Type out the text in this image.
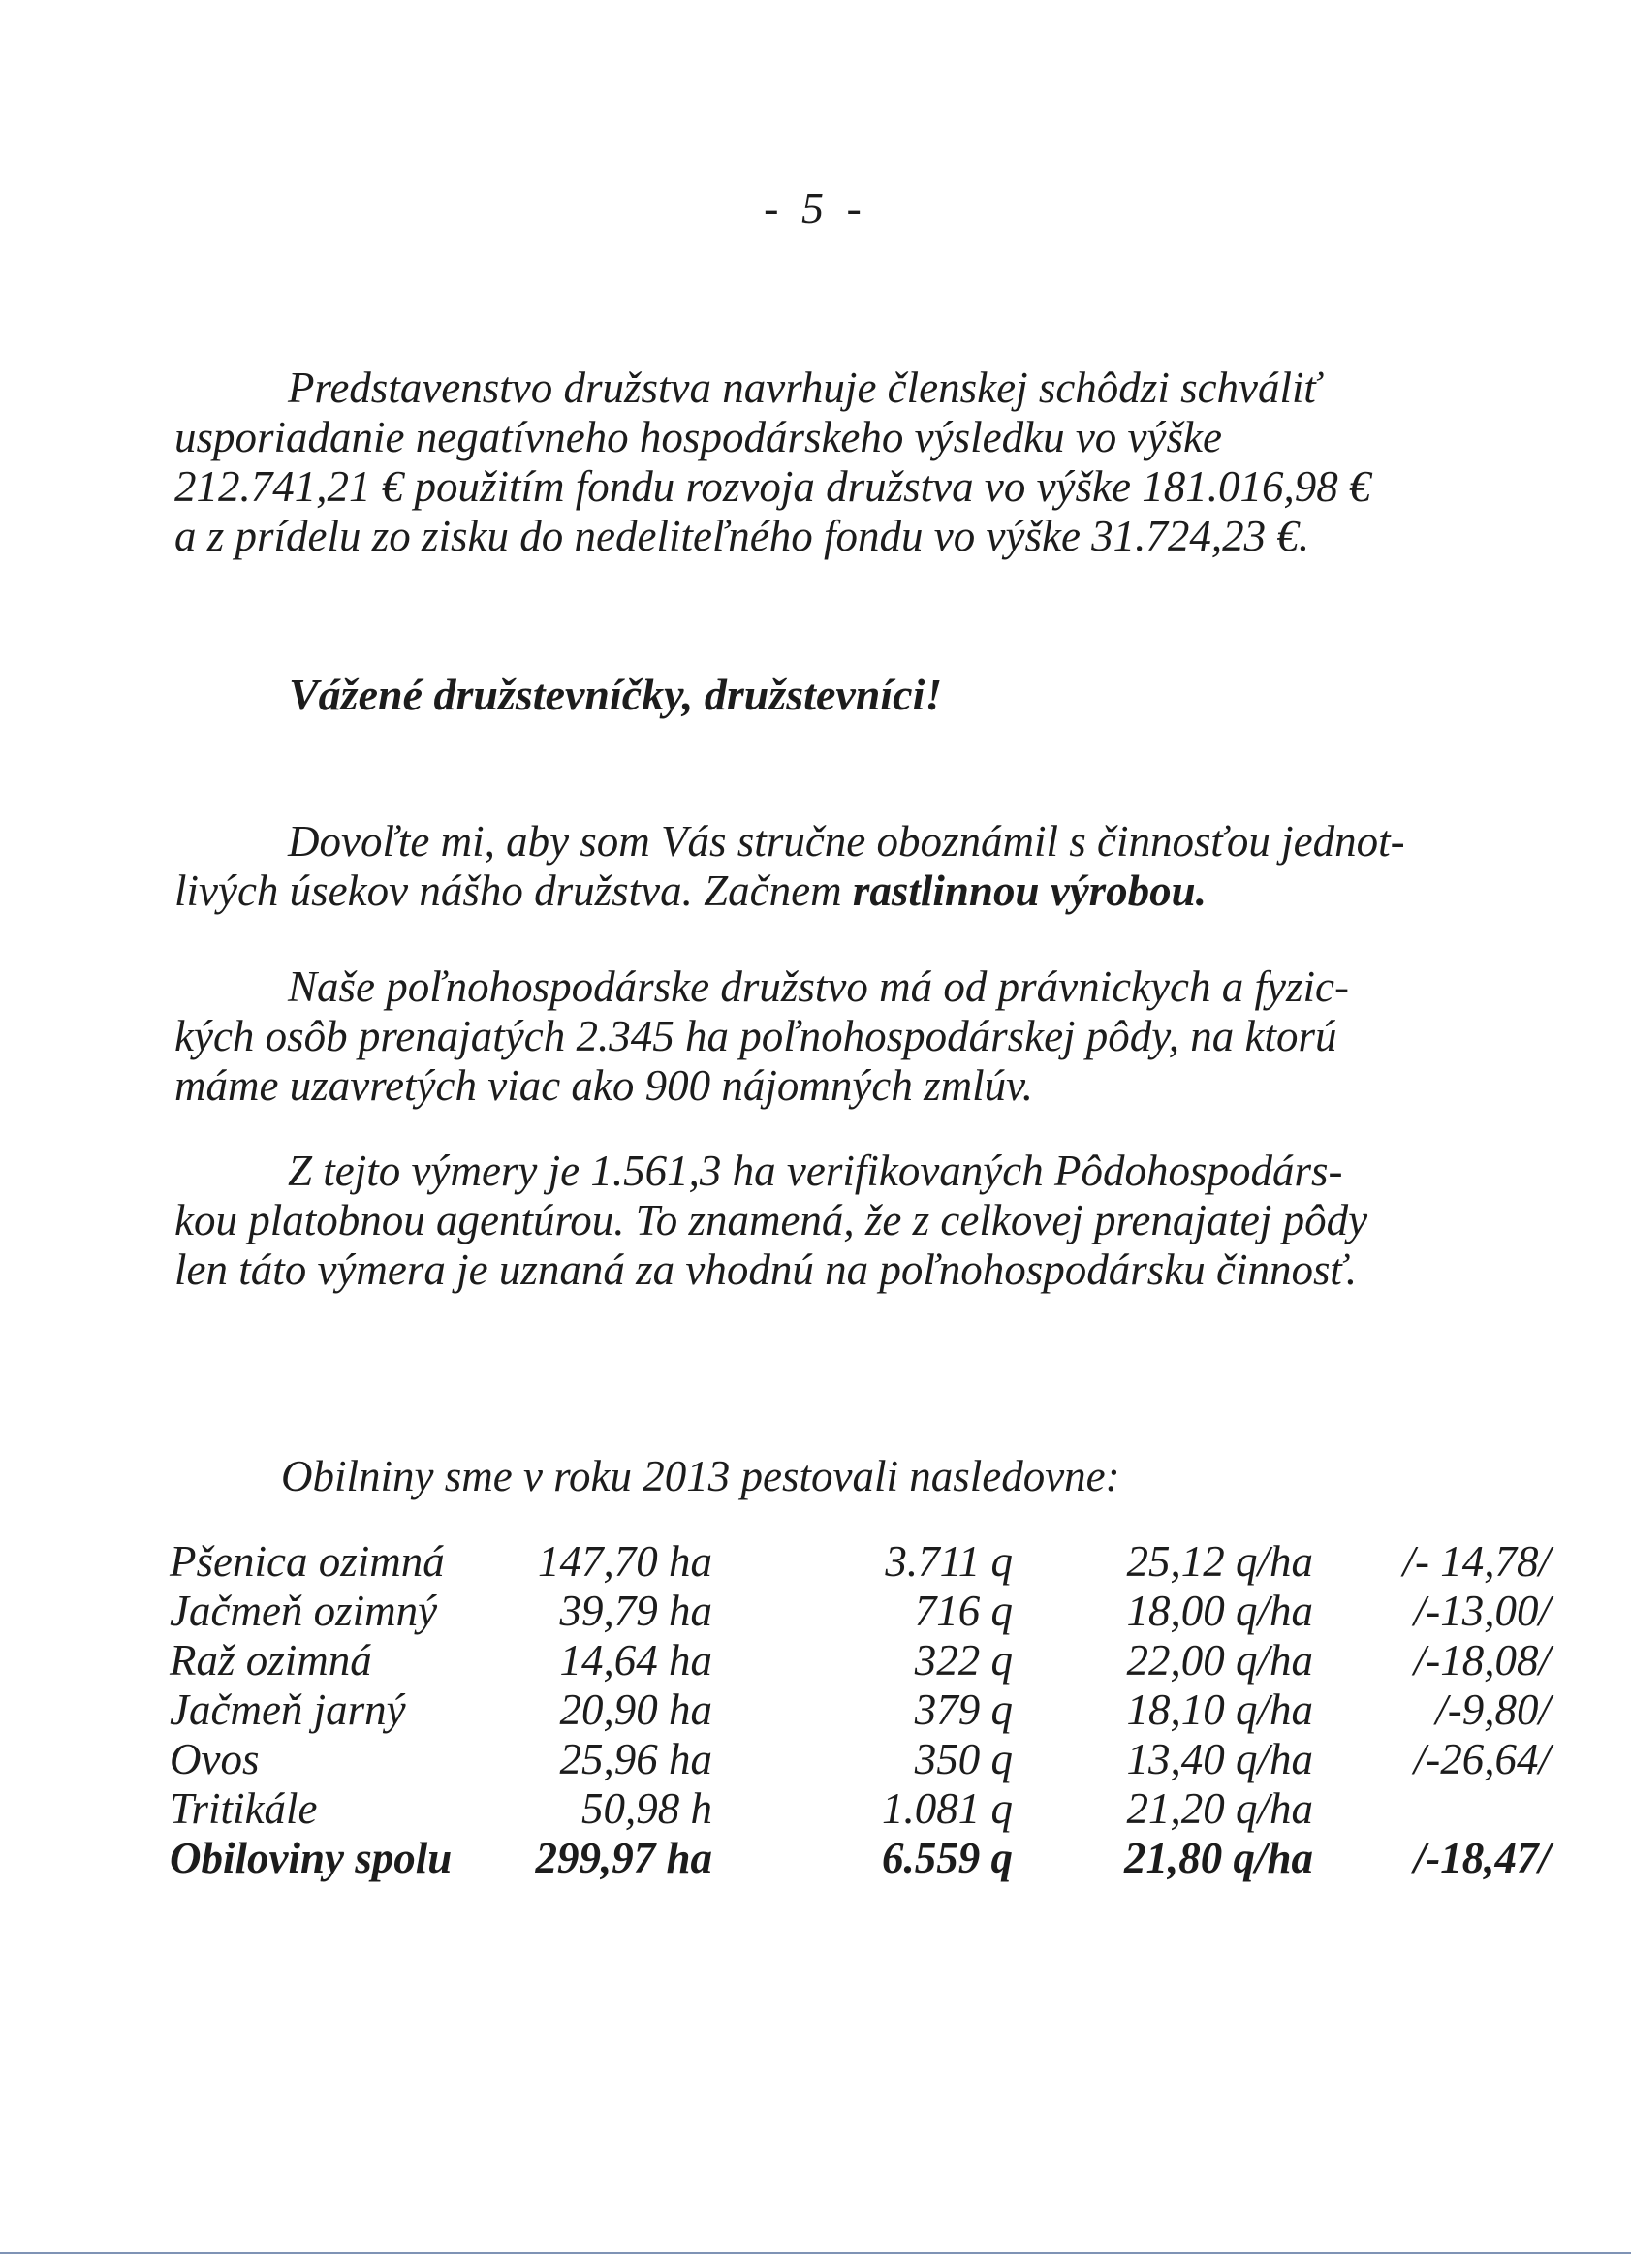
- 5 -

Predstavenstvo družstva navrhuje členskej schôdzi schváliť
usporiadanie negatívneho hospodárskeho výsledku vo výške
212.741,21 € použitím fondu rozvoja družstva vo výške 181.016,98 €
a z prídelu zo zisku do nedeliteľného fondu vo výške 31.724,23 €.

Vážené družstevníčky, družstevníci!

Dovoľte mi, aby som Vás stručne oboznámil s činnosťou jednot-
livých úsekov nášho družstva. Začnem rastlinnou výrobou.

Naše poľnohospodárske družstvo má od právnickych a fyzic-
kých osôb prenajatých 2.345 ha poľnohospodárskej pôdy, na ktorú
máme uzavretých viac ako 900 nájomných zmlúv.

Z tejto výmery je 1.561,3 ha verifikovaných Pôdohospodárs-
kou platobnou agentúrou. To znamená, že z celkovej prenajatej pôdy
len táto výmera je uznaná za vhodnú na poľnohospodársku činnosť.

Obilniny sme v roku 2013 pestovali nasledovne:

Pšenica ozimná	147,70 ha	3.711 q	25,12 q/ha	/- 14,78/
Jačmeň ozimný	39,79 ha	716 q	18,00 q/ha	/-13,00/
Raž ozimná	14,64 ha	322 q	22,00 q/ha	/-18,08/
Jačmeň jarný	20,90 ha	379 q	18,10 q/ha	/-9,80/
Ovos	25,96 ha	350 q	13,40 q/ha	/-26,64/
Tritikále	50,98 h	1.081 q	21,20 q/ha	
Obiloviny spolu	299,97 ha	6.559 q	21,80 q/ha	/-18,47/
